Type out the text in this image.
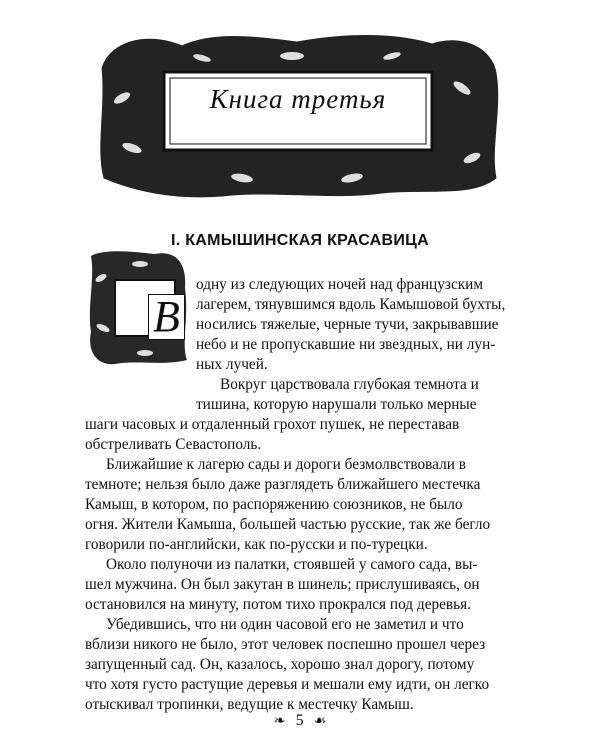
Книга третья
I. КАМЫШИНСКАЯ КРАСАВИЦА
В
одну из следующих ночей над французским
лагерем, тянувшимся вдоль Камышовой бухты,
носились тяжелые, черные тучи, закрывавшие
небо и не пропускавшие ни звездных, ни лун-
ных лучей.
Вокруг царствовала глубокая темнота и
тишина, которую нарушали только мерные
шаги часовых и отдаленный грохот пушек, не переставав
обстреливать Севастополь.
Ближайшие к лагерю сады и дороги безмолвствовали в
темноте; нельзя было даже разглядеть ближайшего местечка
Камыш, в котором, по распоряжению союзников, не было
огня. Жители Камыша, большей частью русские, так же бегло
говорили по-английски, как по-русски и по-турецки.
Около полуночи из палатки, стоявшей у самого сада, вы-
шел мужчина. Он был закутан в шинель; прислушиваясь, он
остановился на минуту, потом тихо прокрался под деревья.
Убедившись, что ни один часовой его не заметил и что
вблизи никого не было, этот человек поспешно прошел через
запущенный сад. Он, казалось, хорошо знал дорогу, потому
что хотя густо растущие деревья и мешали ему идти, он легко
отыскивал тропинки, ведущие к местечку Камыш.
❧ 5 ☙
